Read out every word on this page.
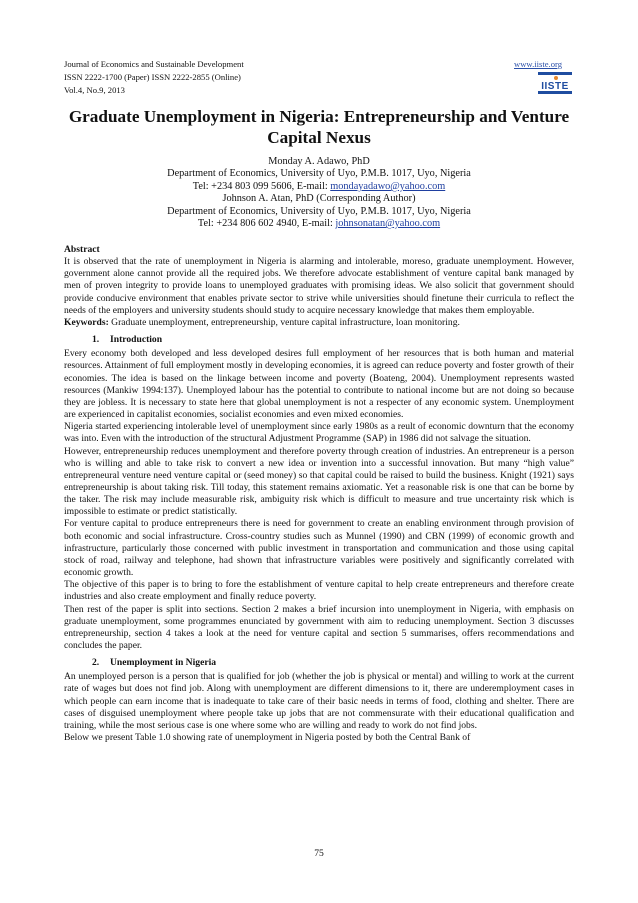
Journal of Economics and Sustainable Development
ISSN 2222-1700 (Paper) ISSN 2222-2855 (Online)
Vol.4, No.9, 2013
www.iiste.org
IISTE
Graduate Unemployment in Nigeria: Entrepreneurship and Venture Capital Nexus
Monday A. Adawo, PhD
Department of Economics, University of Uyo, P.M.B. 1017, Uyo, Nigeria
Tel: +234 803 099 5606, E-mail: mondayadawo@yahoo.com
Johnson A. Atan, PhD (Corresponding Author)
Department of Economics, University of Uyo, P.M.B. 1017, Uyo, Nigeria
Tel: +234 806 602 4940, E-mail: johnsonatan@yahoo.com

Abstract

It is observed that the rate of unemployment in Nigeria is alarming and intolerable, moreso, graduate unemployment. However, government alone cannot provide all the required jobs. We therefore advocate establishment of venture capital bank managed by men of proven integrity to provide loans to unemployed graduates with promising ideas. We also solicit that government should provide conducive environment that enables private sector to strive while universities should finetune their curricula to reflect the needs of the employers and university students should study to acquire necessary knowledge that makes them employable.

Keywords: Graduate unemployment, entrepreneurship, venture capital infrastructure, loan monitoring.

1. Introduction

Every economy both developed and less developed desires full employment of her resources that is both human and material resources. Attainment of full employment mostly in developing economies, it is agreed can reduce poverty and foster growth of their economies. The idea is based on the linkage between income and poverty (Boateng, 2004). Unemployment represents wasted resources (Mankiw 1994:137). Unemployed labour has the potential to contribute to national income but are not doing so because they are jobless. It is necessary to state here that global unemployment is not a respecter of any economic system. Unemployment are experienced in capitalist economies, socialist economies and even mixed economies.

Nigeria started experiencing intolerable level of unemployment since early 1980s as a reult of economic downturn that the economy was into. Even with the introduction of the structural Adjustment Programme (SAP) in 1986 did not salvage the situation.

However, entrepreneurship reduces unemployment and therefore poverty through creation of industries. An entrepreneur is a person who is willing and able to take risk to convert a new idea or invention into a successful innovation. But many “high value” entrepreneural venture need venture capital or (seed money) so that capital could be raised to build the business. Knight (1921) says entrepreneurship is about taking risk. Till today, this statement remains axiomatic. Yet a reasonable risk is one that can be borne by the taker. The risk may include measurable risk, ambiguity risk which is difficult to measure and true uncertainty risk which is impossible to estimate or predict statistically.

For venture capital to produce entrepreneurs there is need for government to create an enabling environment through provision of both economic and social infrastructure. Cross-country studies such as Munnel (1990) and CBN (1999) of economic growth and infrastructure, particularly those concerned with public investment in transportation and communication and those using capital stock of road, railway and telephone, had shown that infrastructure variables were positively and significantly correlated with economic growth.

The objective of this paper is to bring to fore the establishment of venture capital to help create entrepreneurs and therefore create industries and also create employment and finally reduce poverty.

Then rest of the paper is split into sections. Section 2 makes a brief incursion into unemployment in Nigeria, with emphasis on graduate unemployment, some programmes enunciated by government with aim to reducing unemployment. Section 3 discusses entrepreneurship, section 4 takes a look at the need for venture capital and section 5 summarises, offers recommendations and concludes the paper.

2. Unemployment in Nigeria

An unemployed person is a person that is qualified for job (whether the job is physical or mental) and willing to work at the current rate of wages but does not find job. Along with unemployment are different dimensions to it, there are underemployment cases in which people can earn income that is inadequate to take care of their basic needs in terms of food, clothing and shelter. There are cases of disguised unemployment where people take up jobs that are not commensurate with their educational qualification and training, while the most serious case is one where some who are willing and ready to work do not find jobs.

Below we present Table 1.0 showing rate of unemployment in Nigeria posted by both the Central Bank of

75
